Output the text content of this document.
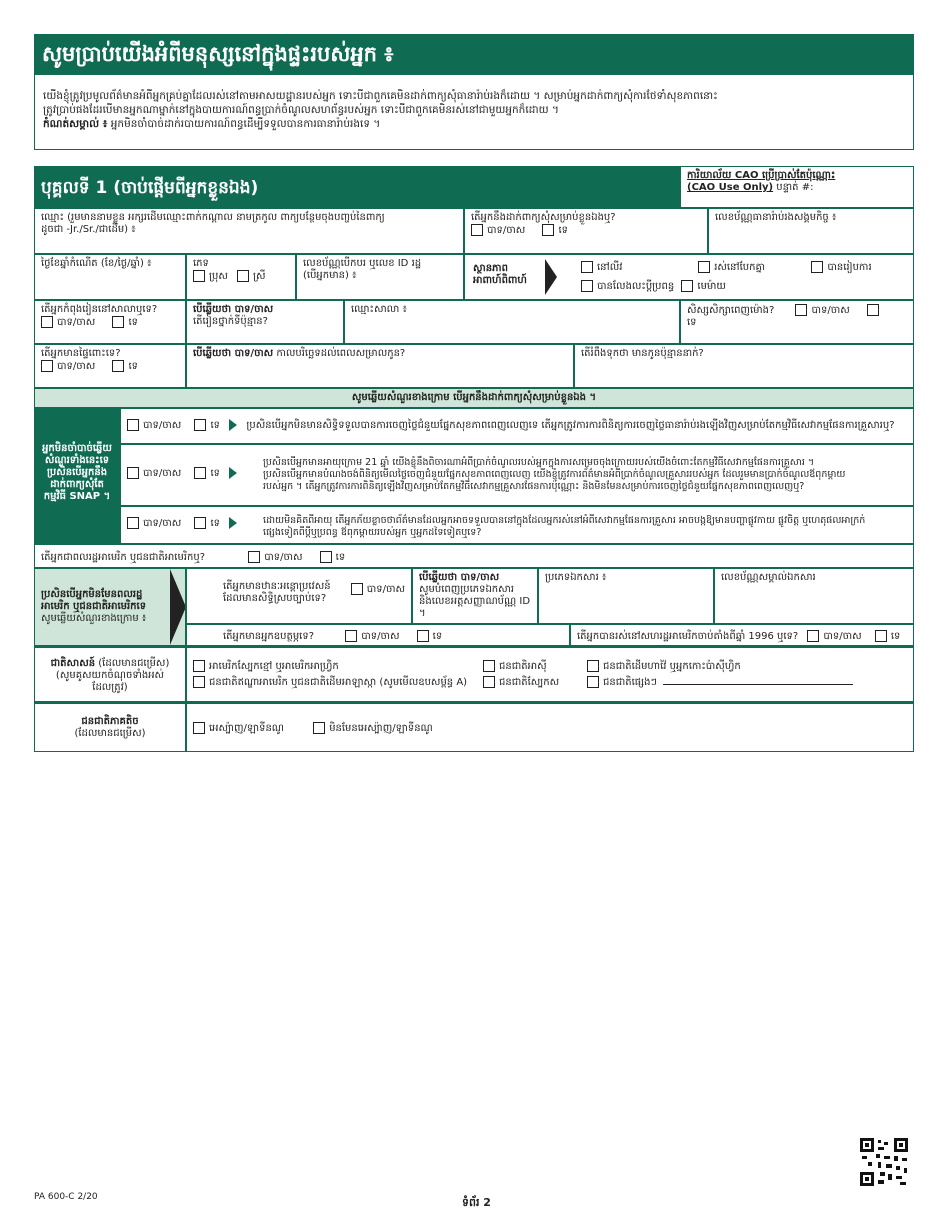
សូមប្រាប់យើងអំពីមនុស្សនៅក្នុងផ្ទះរបស់អ្នក ៖
យើងខ្ញុំត្រូវប្រមូលព័ត៌មានអំពីអ្នកគ្រប់គ្នាដែលរស់នៅតាមអាសយដ្ឋានរបស់អ្នក ទោះបីជាពួកគេមិនដាក់ពាក្យសុំធានារ៉ាប់រងក៏ដោយ ។ សម្រាប់អ្នកដាក់ពាក្យសុំការថែទាំសុខភាពនោះ
ត្រូវប្រាប់ផងដែរបើមានអ្នកណាម្នាក់នៅក្នុងបាយការណ៍ពន្ធប្រាក់ចំណូលសហព័ន្ធរបស់អ្នក ទោះបីជាពួកគេមិនរស់នៅជាមួយអ្នកក៏ដោយ ។
កំណត់សម្គាល់ ៖ អ្នកមិនចាំបាច់ដាក់របាយការណ៍ពន្ធដើម្បីទទួលបានការធានារ៉ាប់រងទេ ។
បុគ្គលទី 1 (ចាប់ផ្តើមពីអ្នកខ្លួនឯង)
ការិយាល័យ CAO ប្រើប្រាស់តែប៉ុណ្ណោះ
(CAO Use Only) បន្ទាត់ #:
ឈ្មោះ (រួមមាននាមខ្លួន អក្សរដើមឈ្មោះពាក់កណ្តាល នាមត្រកូល ពាក្យបន្ថែមចុងបញ្ចប់នៃពាក្យ
ដូចជា -Jr./Sr./ជាដើម) ៖
តើអ្នកនឹងដាក់ពាក្យសុំសម្រាប់ខ្លួនឯងឬ?
បាទ/ចាស	ទេ
លេខប័ណ្ណធានារ៉ាប់រងសង្គមកិច្ច ៖
ថ្ងៃខែឆ្នាំកំណើត (ខែ/ថ្ងៃ/ឆ្នាំ) ៖	ភេទ
ប្រុស	ស្រី
លេខប័ណ្ណបើកបរ ឬលេខ ID រដ្ឋ
(បើអ្នកមាន) ៖
ស្ថានភាព
អាពាហ៍ពិពាហ៍
នៅលីវ	រស់នៅបែកគ្នា	បានរៀបការ
បានលែងលះប្តីប្រពន្ធ មេម៉ាយ
តើអ្នកកំពុងរៀននៅសាលាឬទេ?
បាទ/ចាស	ទេ
បើឆ្លើយថា បាទ/ចាស
តើរៀនថ្នាក់ទីប៉ុន្មាន?
ឈ្មោះសាលា ៖	សិស្សសិក្សាពេញម៉ោង?	បាទ/ចាស
ទេ
តើអ្នកមានផ្ទៃពោះទេ?
បាទ/ចាស	ទេ
បើឆ្លើយថា បាទ/ចាស កាលបរិច្ឆេទដល់ពេលសម្រាលកូន?	តើរំពឹងទុកថា មានកូនប៉ុន្មាននាក់?
សូមឆ្លើយសំណួរខាងក្រោម បើអ្នកនឹងដាក់ពាក្យសុំសម្រាប់ខ្លួនឯង ។
អ្នកមិនចាំបាច់ឆ្លើយសំណួរទាំងនេះទេ ប្រសិនបើអ្នកនឹងដាក់ពាក្យសុំតែកម្មវិធី SNAP ។
បាទ/ចាស	ទេ	ប្រសិនបើអ្នកមិនមានសិទ្ធិទទួលបានការចេញថ្លៃជំនួយផ្នែកសុខភាពពេញលេញទេ តើអ្នកត្រូវការការពិនិត្យការចេញថ្លៃធានារ៉ាប់រងឡើងវិញសម្រាប់តែកម្មវិធីសេវាកម្មផែនការគ្រួសារឬ?
បាទ/ចាស	ទេ
ប្រសិនបើអ្នកមានអាយុក្រោម 21 ឆ្នាំ យើងខ្ញុំនឹងពិចារណាអំពីប្រាក់ចំណូលរបស់អ្នកក្នុងការសម្រេចចុងក្រោយរបស់យើងចំពោះតែកម្មវិធីសេវាកម្មផែនការគ្រួសារ ។
ប្រសិនបើអ្នកមានបំណងចង់ពិនិត្យមើលថ្លៃចេញជំនួយផ្នែកសុខភាពពេញលេញ យើងខ្ញុំត្រូវការព័ត៌មានអំពីប្រាក់ចំណូលគ្រួសាររបស់អ្នក ដែលរួមមានប្រាក់ចំណូលឪពុកម្តាយ
របស់អ្នក ។ តើអ្នកត្រូវការការពិនិត្យឡើងវិញសម្រាប់តែកម្មវិធីសេវាកម្មគ្រួសារផែនការប៉ុណ្ណោះ និងមិនមែនសម្រាប់ការចេញថ្លៃជំនួយផ្នែកសុខភាពពេញលេញឬ?
បាទ/ចាស	ទេ	ដោយមិនគិតពីអាយុ តើអ្នកភ័យខ្លាចថាព័ត៌មានដែលអ្នកអាចទទួលបាននៅក្នុងដែលអ្នករស់នៅអំពីសេវាកម្មផែនការគ្រួសារ អាចបង្កឱ្យមានបញ្ហាផ្លូវកាយ ផ្លូវចិត្ត ឬហេតុផលអាក្រក់
ផ្សេងទៀតពីប្តីឬប្រពន្ធ ឪពុកម្តាយរបស់អ្នក ឬអ្នកដទៃទៀតឬទេ?
តើអ្នកជាពលរដ្ឋអាមេរិក ឬជនជាតិអាមេរិកឬ?	បាទ/ចាស	ទេ
ប្រសិនបើអ្នកមិនមែនពលរដ្ឋ
អាមេរិក ឬជនជាតិអាមេរិកទេ
សូមឆ្លើយសំណួរខាងក្រោម ៖
បាទ/ចាស
តើអ្នកមានឋានៈអន្តោប្រវេសន៍
ដែលមានសិទ្ធិស្របច្បាប់ទេ?
បើឆ្លើយថា បាទ/ចាស
សូមបំពេញប្រភេទឯកសារ
និងលេខអត្តសញ្ញាណប័ណ្ណ ID ។
ប្រភេទឯកសារ ៖	លេខប័ណ្ណសម្គាល់ឯកសារ
តើអ្នកមានអ្នកឧបត្ថម្ភទេ?	បាទ/ចាស	ទេ	តើអ្នកបានរស់នៅសហរដ្ឋអាមេរិកចាប់តាំងពីឆ្នាំ 1996 ឬទេ?	បាទ/ចាស	ទេ
ជាតិសាសន៍ (ដែលមានជម្រើស)
(សូមគូសយកចំណុចទាំងអស់
ដែលត្រូវ)
អាមេរិកស្បែកខ្មៅ ឬអាមេរិកអាហ្វ្រិក	ជនជាតិអាស៊ី	ជនជាតិដើមហាវ៉ៃ ឬអ្នកកោះប៉ាស៊ីហ្វិក
ជនជាតិឥណ្ឌាអាមេរិក ឬជនជាតិដើមអាឡាស្កា (សូមមើលឧបសម្ព័ន្ធ A)	ជនជាតិស្បែកស	ជនជាតិផ្សេងៗ
ជនជាតិភាគតិច
(ដែលមានជម្រើស)	អេស្ប៉ាញ/ឡាទីនណូ	មិនមែនអេស្ប៉ាញ/ឡាទីនណូ
PA 600-C 2/20	ទំព័រ 2
